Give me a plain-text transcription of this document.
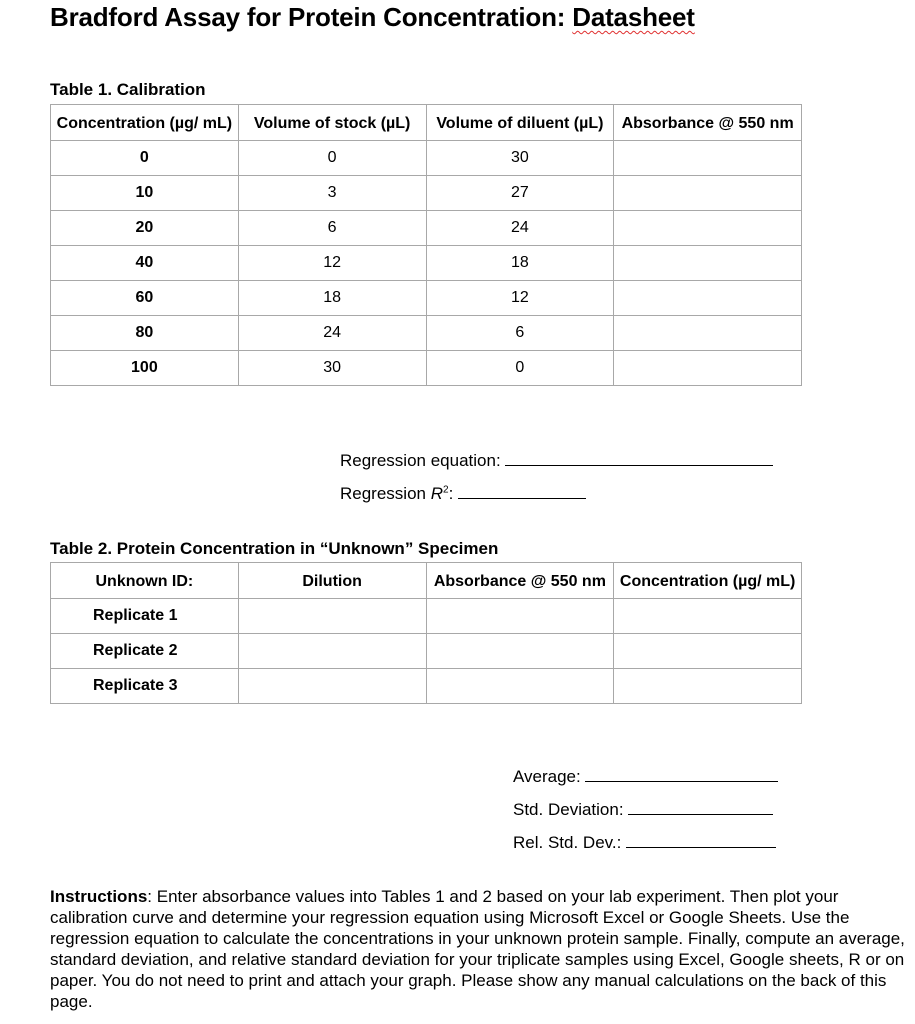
Bradford Assay for Protein Concentration: Datasheet
Table 1. Calibration
Concentration (µg/ mL)	Volume of stock (µL)	Volume of diluent (µL)	Absorbance @ 550 nm
0	0	30	
10	3	27	
20	6	24	
40	12	18	
60	18	12	
80	24	6	
100	30	0	
Regression equation:
Regression $R^2$:
Table 2. Protein Concentration in “Unknown” Specimen
Unknown ID:	Dilution	Absorbance @ 550 nm	Concentration (µg/ mL)
Replicate 1			
Replicate 2			
Replicate 3			
Average:
Std. Deviation:
Rel. Std. Dev.:
Instructions: Enter absorbance values into Tables 1 and 2 based on your lab experiment. Then plot your calibration curve and determine your regression equation using Microsoft Excel or Google Sheets. Use the regression equation to calculate the concentrations in your unknown protein sample. Finally, compute an average, standard deviation, and relative standard deviation for your triplicate samples using Excel, Google sheets, R or on paper. You do not need to print and attach your graph. Please show any manual calculations on the back of this page.
